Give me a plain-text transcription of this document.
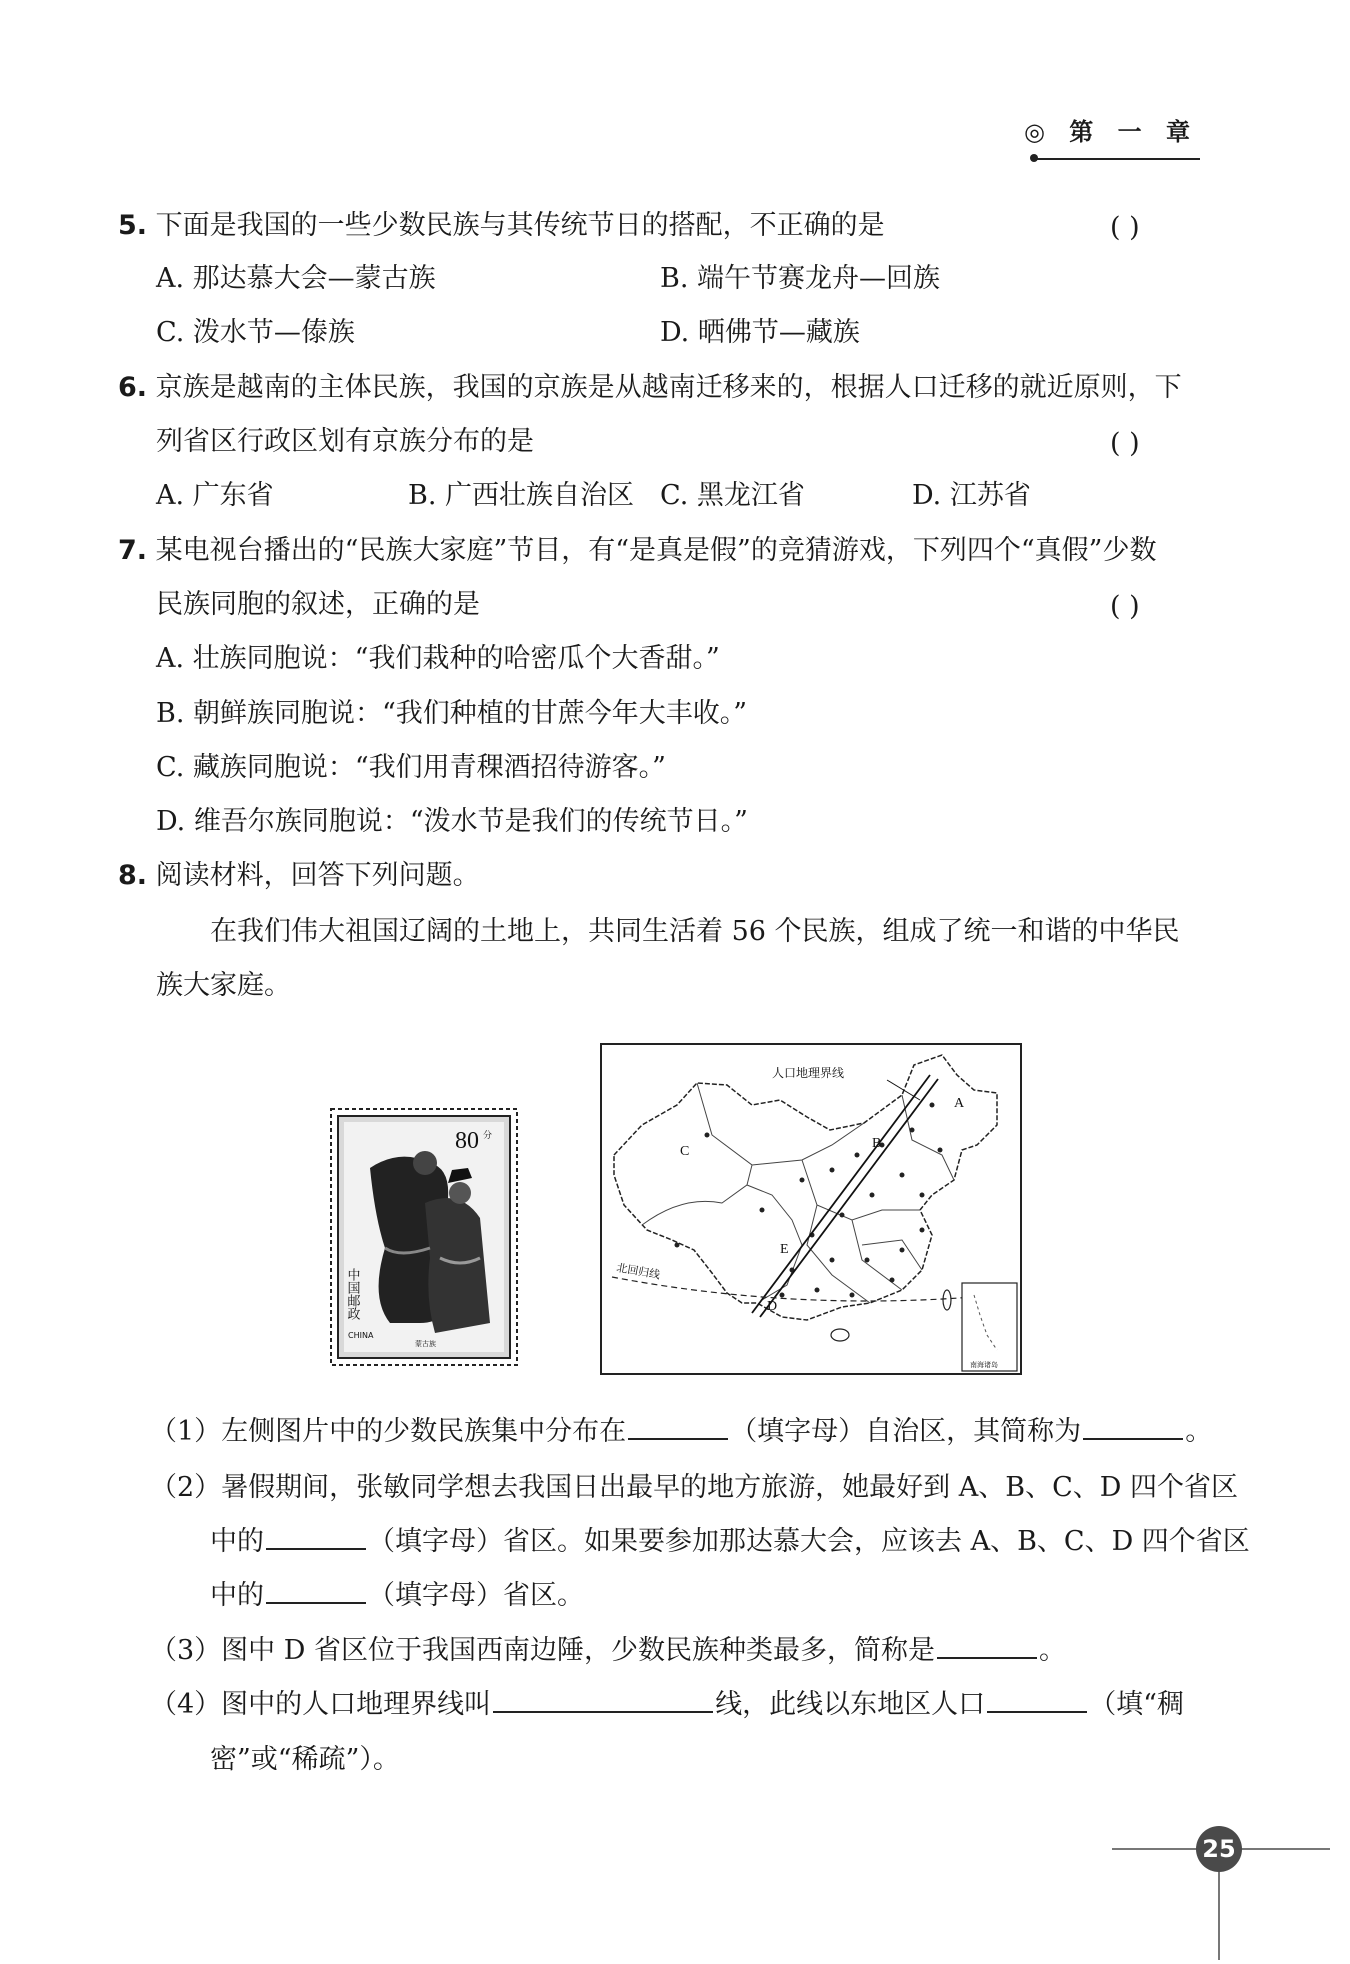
◎ 第 一 章
5. 下面是我国的一些少数民族与其传统节日的搭配，不正确的是	( )
A. 那达慕大会—蒙古族	B. 端午节赛龙舟—回族
C. 泼水节—傣族	D. 晒佛节—藏族
6. 京族是越南的主体民族，我国的京族是从越南迁移来的，根据人口迁移的就近原则，下
列省区行政区划有京族分布的是	( )
A. 广东省	B. 广西壮族自治区 C. 黑龙江省	D. 江苏省
7. 某电视台播出的“民族大家庭”节目，有“是真是假”的竞猜游戏，下列四个“真假”少数
民族同胞的叙述，正确的是	( )
A. 壮族同胞说：“我们栽种的哈密瓜个大香甜。”
B. 朝鲜族同胞说：“我们种植的甘蔗今年大丰收。”
C. 藏族同胞说：“我们用青稞酒招待游客。”
D. 维吾尔族同胞说：“泼水节是我们的传统节日。”
8. 阅读材料，回答下列问题。
在我们伟大祖国辽阔的土地上，共同生活着 56 个民族，组成了统一和谐的中华民
族大家庭。
80 分
中国邮政
CHINA
蒙古族
人口地理界线
北回归线
A
B
C
D
E
南海诸岛
（1）左侧图片中的少数民族集中分布在	（填字母）自治区，其简称为	。
（2）暑假期间，张敏同学想去我国日出最早的地方旅游，她最好到 A、B、C、D 四个省区
中的	（填字母）省区。如果要参加那达慕大会，应该去 A、B、C、D 四个省区
中的	（填字母）省区。
（3）图中 D 省区位于我国西南边陲，少数民族种类最多，简称是	。
（4）图中的人口地理界线叫	线，此线以东地区人口	（填“稠
密”或“稀疏”）。
25
